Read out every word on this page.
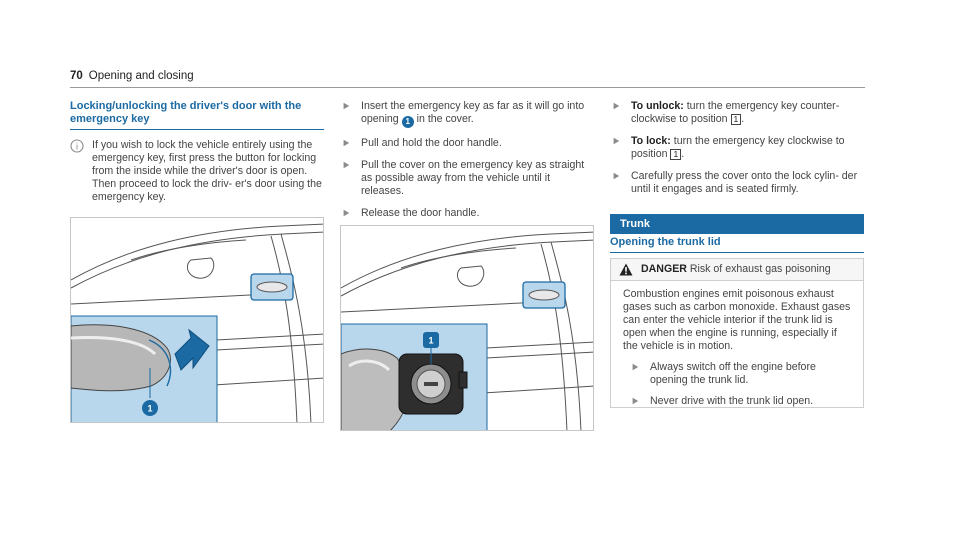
70 Opening and closing
Locking/unlocking the driver's door with the emergency key
i If you wish to lock the vehicle entirely using the emergency key, first press the button for locking from the inside while the driver's door is open. Then proceed to lock the driv- er's door using the emergency key.
1
Insert the emergency key as far as it will go into opening 1 in the cover.
Pull and hold the door handle.
Pull the cover on the emergency key as straight as possible away from the vehicle until it releases.
Release the door handle.
1
To unlock: turn the emergency key counter- clockwise to position 1 .
To lock: turn the emergency key clockwise to position 1 .
Carefully press the cover onto the lock cylin- der until it engages and is seated firmly.
Trunk
Opening the trunk lid
DANGER Risk of exhaust gas poisoning
Combustion engines emit poisonous exhaust gases such as carbon monoxide. Exhaust gases can enter the vehicle interior if the trunk lid is open when the engine is running, especially if the vehicle is in motion.
Always switch off the engine before opening the trunk lid.
Never drive with the trunk lid open.
